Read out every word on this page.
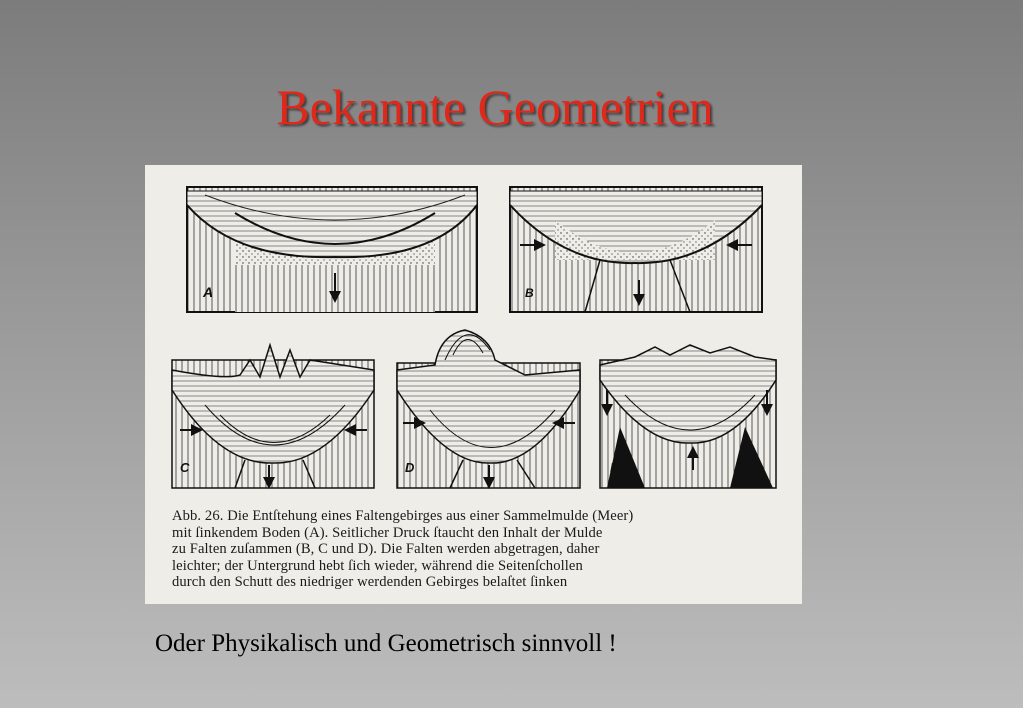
Bekannte Geometrien
A	B
C	D	E
Abb. 26. Die Entſtehung eines Faltengebirges aus einer Sammelmulde (Meer)
mit ſinkendem Boden (A). Seitlicher Druck ſtaucht den Inhalt der Mulde
zu Falten zuſammen (B, C und D). Die Falten werden abgetragen, daher
leichter; der Untergrund hebt ſich wieder, während die Seitenſchollen
durch den Schutt des niedriger werdenden Gebirges belaſtet ſinken
Oder Physikalisch und Geometrisch sinnvoll !
